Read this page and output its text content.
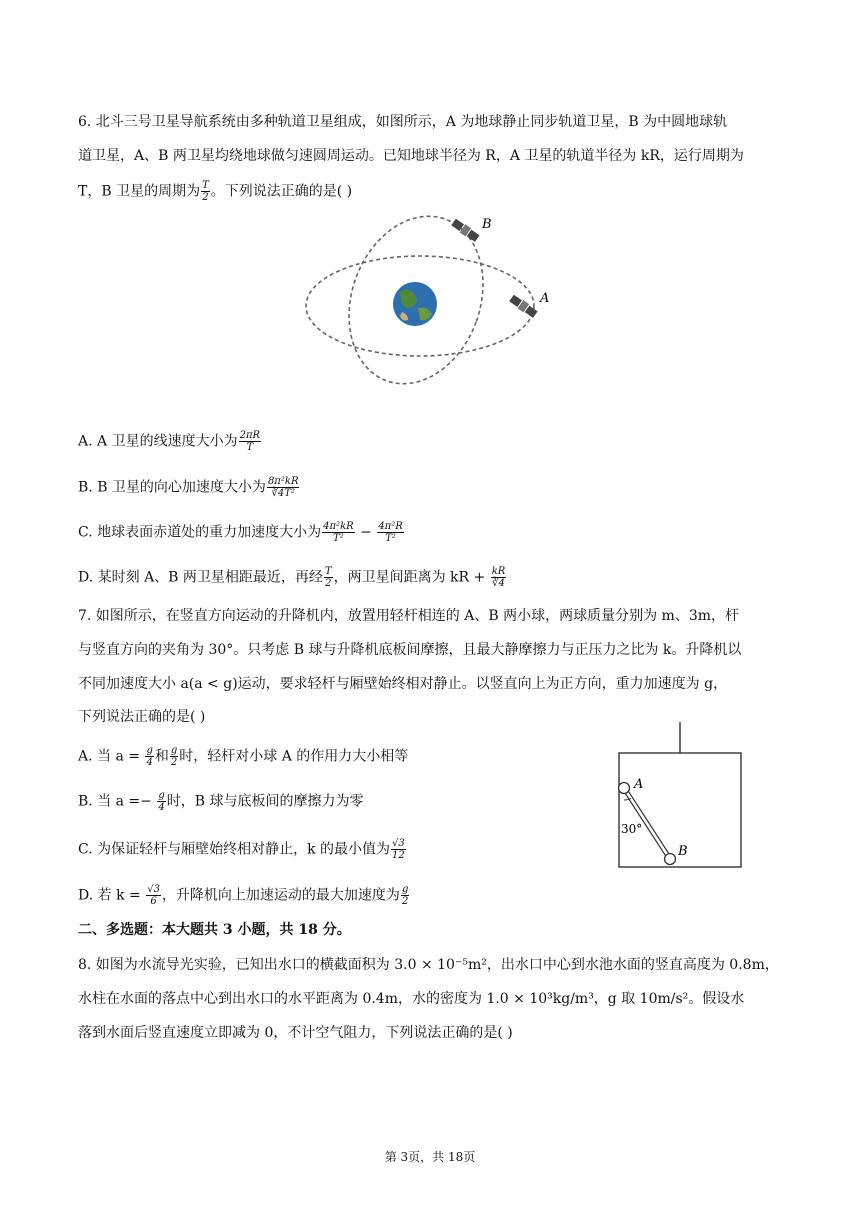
6. 北斗三号卫星导航系统由多种轨道卫星组成，如图所示，A 为地球静止同步轨道卫星，B 为中圆地球轨
道卫星，A、B 两卫星均绕地球做匀速圆周运动。已知地球半径为 R，A 卫星的轨道半径为 kR，运行周期为
T，B 卫星的周期为 $\frac{T}{2}$ 。下列说法正确的是( )
B
A
A. A 卫星的线速度大小为 $\frac{2\pi R}{T}$
B. B 卫星的向心加速度大小为 $\frac{\text{8π²kR}}{\text{∛4T²}}$
C. 地球表面赤道处的重力加速度大小为 $\frac{\text{4π²kR}}{\text{T²}} - \frac{\text{4π²R}}{\text{T²}}$
D. 某时刻 A、B 两卫星相距最近，再经 $\frac{T}{2}$ ，两卫星间距离为 kR + $\frac{kR}{∛4}$
7. 如图所示，在竖直方向运动的升降机内，放置用轻杆相连的 A、B 两小球，两球质量分别为 m、3m，杆
与竖直方向的夹角为 30°。只考虑 B 球与升降机底板间摩擦，且最大静摩擦力与正压力之比为 k。升降机以
不同加速度大小 a(a < g)运动，要求轻杆与厢壁始终相对静止。以竖直向上为正方向，重力加速度为 g，
下列说法正确的是( )
A. 当 $a = \frac{g}{4}$ 和 $\frac{g}{2}$ 时，轻杆对小球 A 的作用力大小相等
B. 当 $a =- \frac{g}{4}$ 时，B 球与底板间的摩擦力为零
C. 为保证轻杆与厢壁始终相对静止，k 的最小值为 $\frac{√3}{12}$
D. 若 $k = \frac{√3}{6}$ ，升降机向上加速运动的最大加速度为 $\frac{g}{2}$
A
B
30°
二、多选题：本大题共 3 小题，共 18 分。
8. 如图为水流导光实验，已知出水口的横截面积为 3.0 × 10⁻⁵m²，出水口中心到水池水面的竖直高度为 0.8m，
水柱在水面的落点中心到出水口的水平距离为 0.4m，水的密度为 1.0 × 10³kg/m³，g 取 10m/s²。假设水
落到水面后竖直速度立即减为 0，不计空气阻力，下列说法正确的是( )
第 3页，共 18页
